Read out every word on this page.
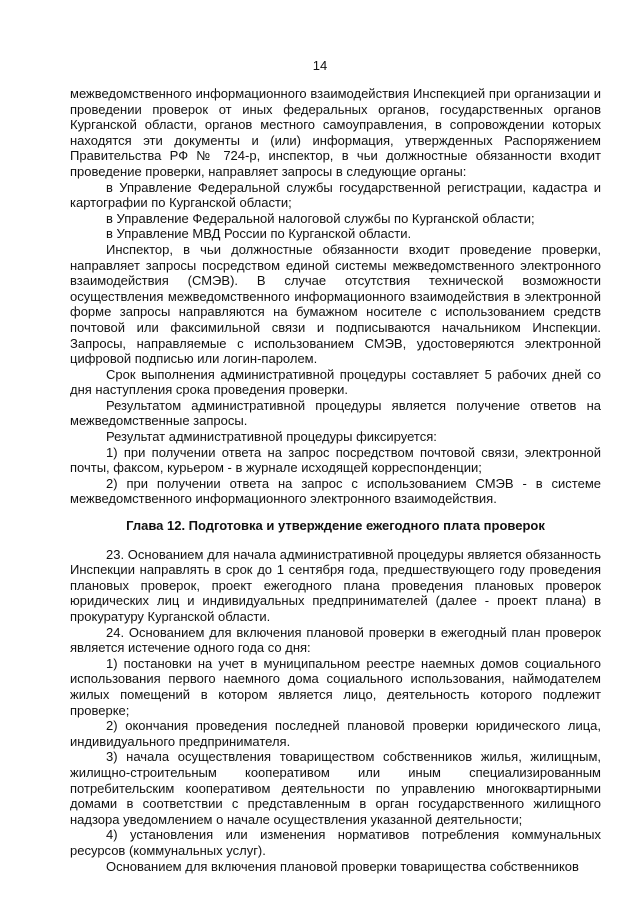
14

межведомственного информационного взаимодействия Инспекцией при организации и проведении проверок от иных федеральных органов, государственных органов Курганской области, органов местного самоуправления, в сопровождении которых находятся эти документы и (или) информация, утвержденных Распоряжением Правительства РФ № 724-р, инспектор, в чьи должностные обязанности входит проведение проверки, направляет запросы в следующие органы:

в Управление Федеральной службы государственной регистрации, кадастра и картографии по Курганской области;

в Управление Федеральной налоговой службы по Курганской области;

в Управление МВД России по Курганской области.

Инспектор, в чьи должностные обязанности входит проведение проверки, направляет запросы посредством единой системы межведомственного электронного взаимодействия (СМЭВ). В случае отсутствия технической возможности осуществления межведомственного информационного взаимодействия в электронной форме запросы направляются на бумажном носителе с использованием средств почтовой или факсимильной связи и подписываются начальником Инспекции. Запросы, направляемые с использованием СМЭВ, удостоверяются электронной цифровой подписью или логин-паролем.

Срок выполнения административной процедуры составляет 5 рабочих дней со дня наступления срока проведения проверки.

Результатом административной процедуры является получение ответов на межведомственные запросы.

Результат административной процедуры фиксируется:

1) при получении ответа на запрос посредством почтовой связи, электронной почты, факсом, курьером - в журнале исходящей корреспонденции;

2) при получении ответа на запрос с использованием СМЭВ - в системе межведомственного информационного электронного взаимодействия.

Глава 12. Подготовка и утверждение ежегодного плата проверок

23. Основанием для начала административной процедуры является обязанность Инспекции направлять в срок до 1 сентября года, предшествующего году проведения плановых проверок, проект ежегодного плана проведения плановых проверок юридических лиц и индивидуальных предпринимателей (далее - проект плана) в прокуратуру Курганской области.

24. Основанием для включения плановой проверки в ежегодный план проверок является истечение одного года со дня:

1) постановки на учет в муниципальном реестре наемных домов социального использования первого наемного дома социального использования, наймодателем жилых помещений в котором является лицо, деятельность которого подлежит проверке;

2) окончания проведения последней плановой проверки юридического лица, индивидуального предпринимателя.

3) начала осуществления товариществом собственников жилья, жилищным, жилищно-строительным кооперативом или иным специализированным потребительским кооперативом деятельности по управлению многоквартирными домами в соответствии с представленным в орган государственного жилищного надзора уведомлением о начале осуществления указанной деятельности;

4) установления или изменения нормативов потребления коммунальных ресурсов (коммунальных услуг).

Основанием для включения плановой проверки товарищества собственников
